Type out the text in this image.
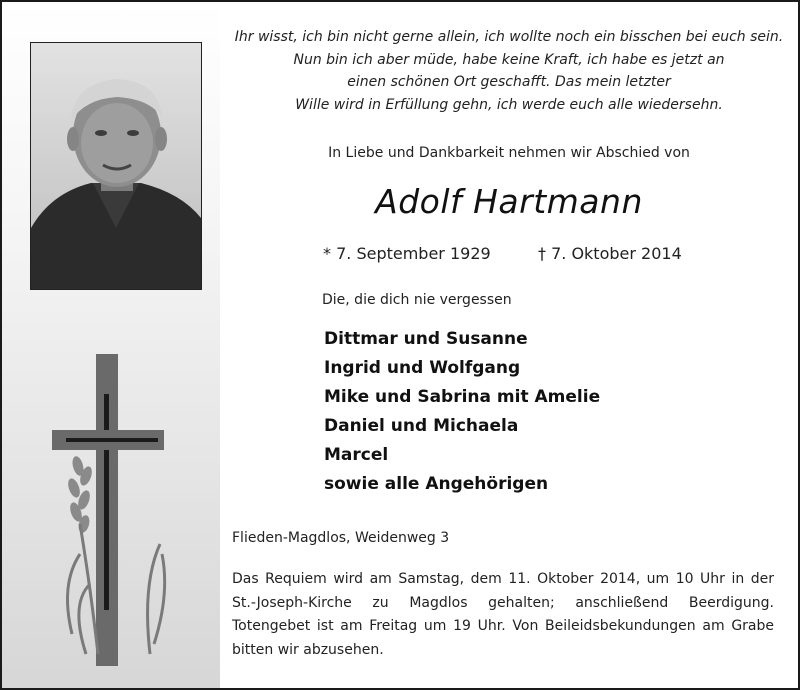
Ihr wisst, ich bin nicht gerne allein, ich wollte noch ein bisschen bei euch sein.
Nun bin ich aber müde, habe keine Kraft, ich habe es jetzt an
einen schönen Ort geschafft. Das mein letzter
Wille wird in Erfüllung gehn, ich werde euch alle wiedersehn.
In Liebe und Dankbarkeit nehmen wir Abschied von
Adolf Hartmann
* 7. September 1929	† 7. Oktober 2014
Die, die dich nie vergessen
Dittmar und Susanne
Ingrid und Wolfgang
Mike und Sabrina mit Amelie
Daniel und Michaela
Marcel
sowie alle Angehörigen
Flieden-Magdlos, Weidenweg 3
Das Requiem wird am Samstag, dem 11. Oktober 2014, um 10 Uhr in der St.-Joseph-Kirche zu Magdlos gehalten; anschließend Beerdigung. Totengebet ist am Freitag um 19 Uhr. Von Beileidsbekundungen am Grabe bitten wir abzusehen.
